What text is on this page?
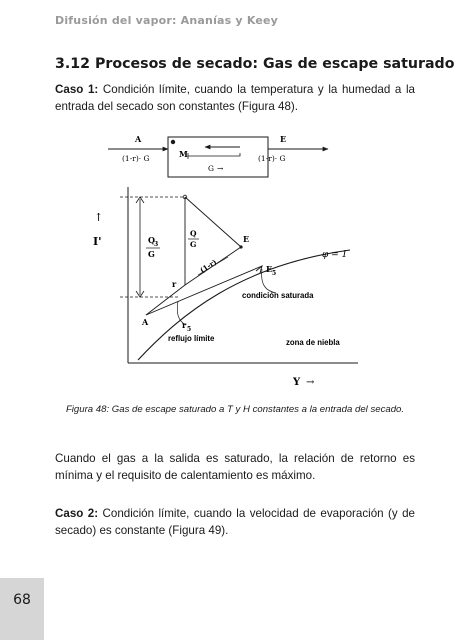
Difusión del vapor: Ananías y Keey
3.12 Procesos de secado: Gas de escape saturado
Caso 1: Condición límite, cuando la temperatura y la humedad a la entrada del secado son constantes (Figura 48).
A	E
M
(1-r)· G	(1-r)· G
G →
↑
I'
Y →
Q 3
G
Q
G
(1-r)
E
E 5
r
r 5
A
φ = 1
condición saturada
reflujo límite	zona de niebla
Figura 48: Gas de escape saturado a T y H constantes a la entrada del secado.
Cuando el gas a la salida es saturado, la relación de retorno es mínima y el requisito de calentamiento es máximo.
Caso 2: Condición límite, cuando la velocidad de evaporación (y de secado) es constante (Figura 49).
68
